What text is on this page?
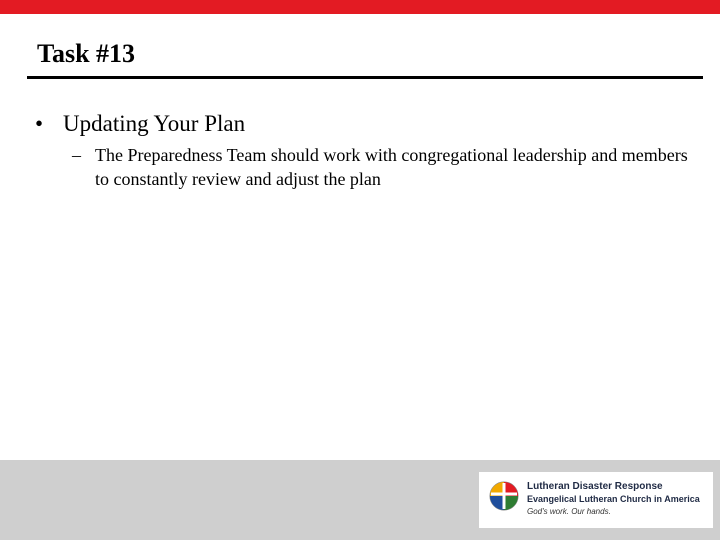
Task #13
• Updating Your Plan
– The Preparedness Team should work with congregational leadership and members to constantly review and adjust the plan
Lutheran Disaster Response
Evangelical Lutheran Church in America
God's work. Our hands.
